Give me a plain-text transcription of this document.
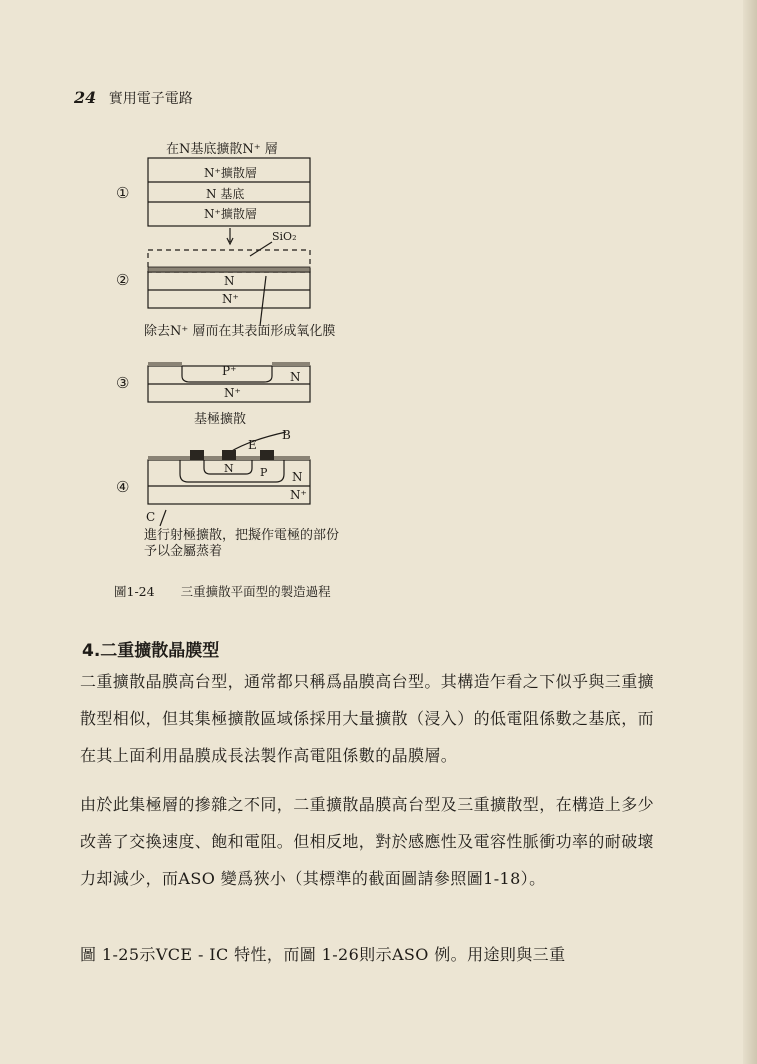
24 實用電子電路
在N基底擴散N⁺ 層
①
N⁺擴散層
N 基底
N⁺擴散層
②
SiO₂
N
N⁺
除去N⁺ 層而在其表面形成氧化膜
③
P⁺	N
N⁺
基極擴散
④
B
E
N P N
N⁺
C
進行射極擴散，把擬作電極的部份
予以金屬蒸着
圖1-24 三重擴散平面型的製造過程
4.二重擴散晶膜型

二重擴散晶膜高台型，通常都只稱爲晶膜高台型。其構造乍看之下似乎與三重擴散型相似，但其集極擴散區域係採用大量擴散（浸入）的低電阻係數之基底，而在其上面利用晶膜成長法製作高電阻係數的晶膜層。

由於此集極層的摻雜之不同，二重擴散晶膜高台型及三重擴散型，在構造上多少改善了交換速度、飽和電阻。但相反地，對於感應性及電容性脈衝功率的耐破壞力却減少，而ASO 變爲狹小（其標準的截面圖請參照圖1-18）。

圖 1-25示VCE - IC 特性，而圖 1-26則示ASO 例。用途則與三重
